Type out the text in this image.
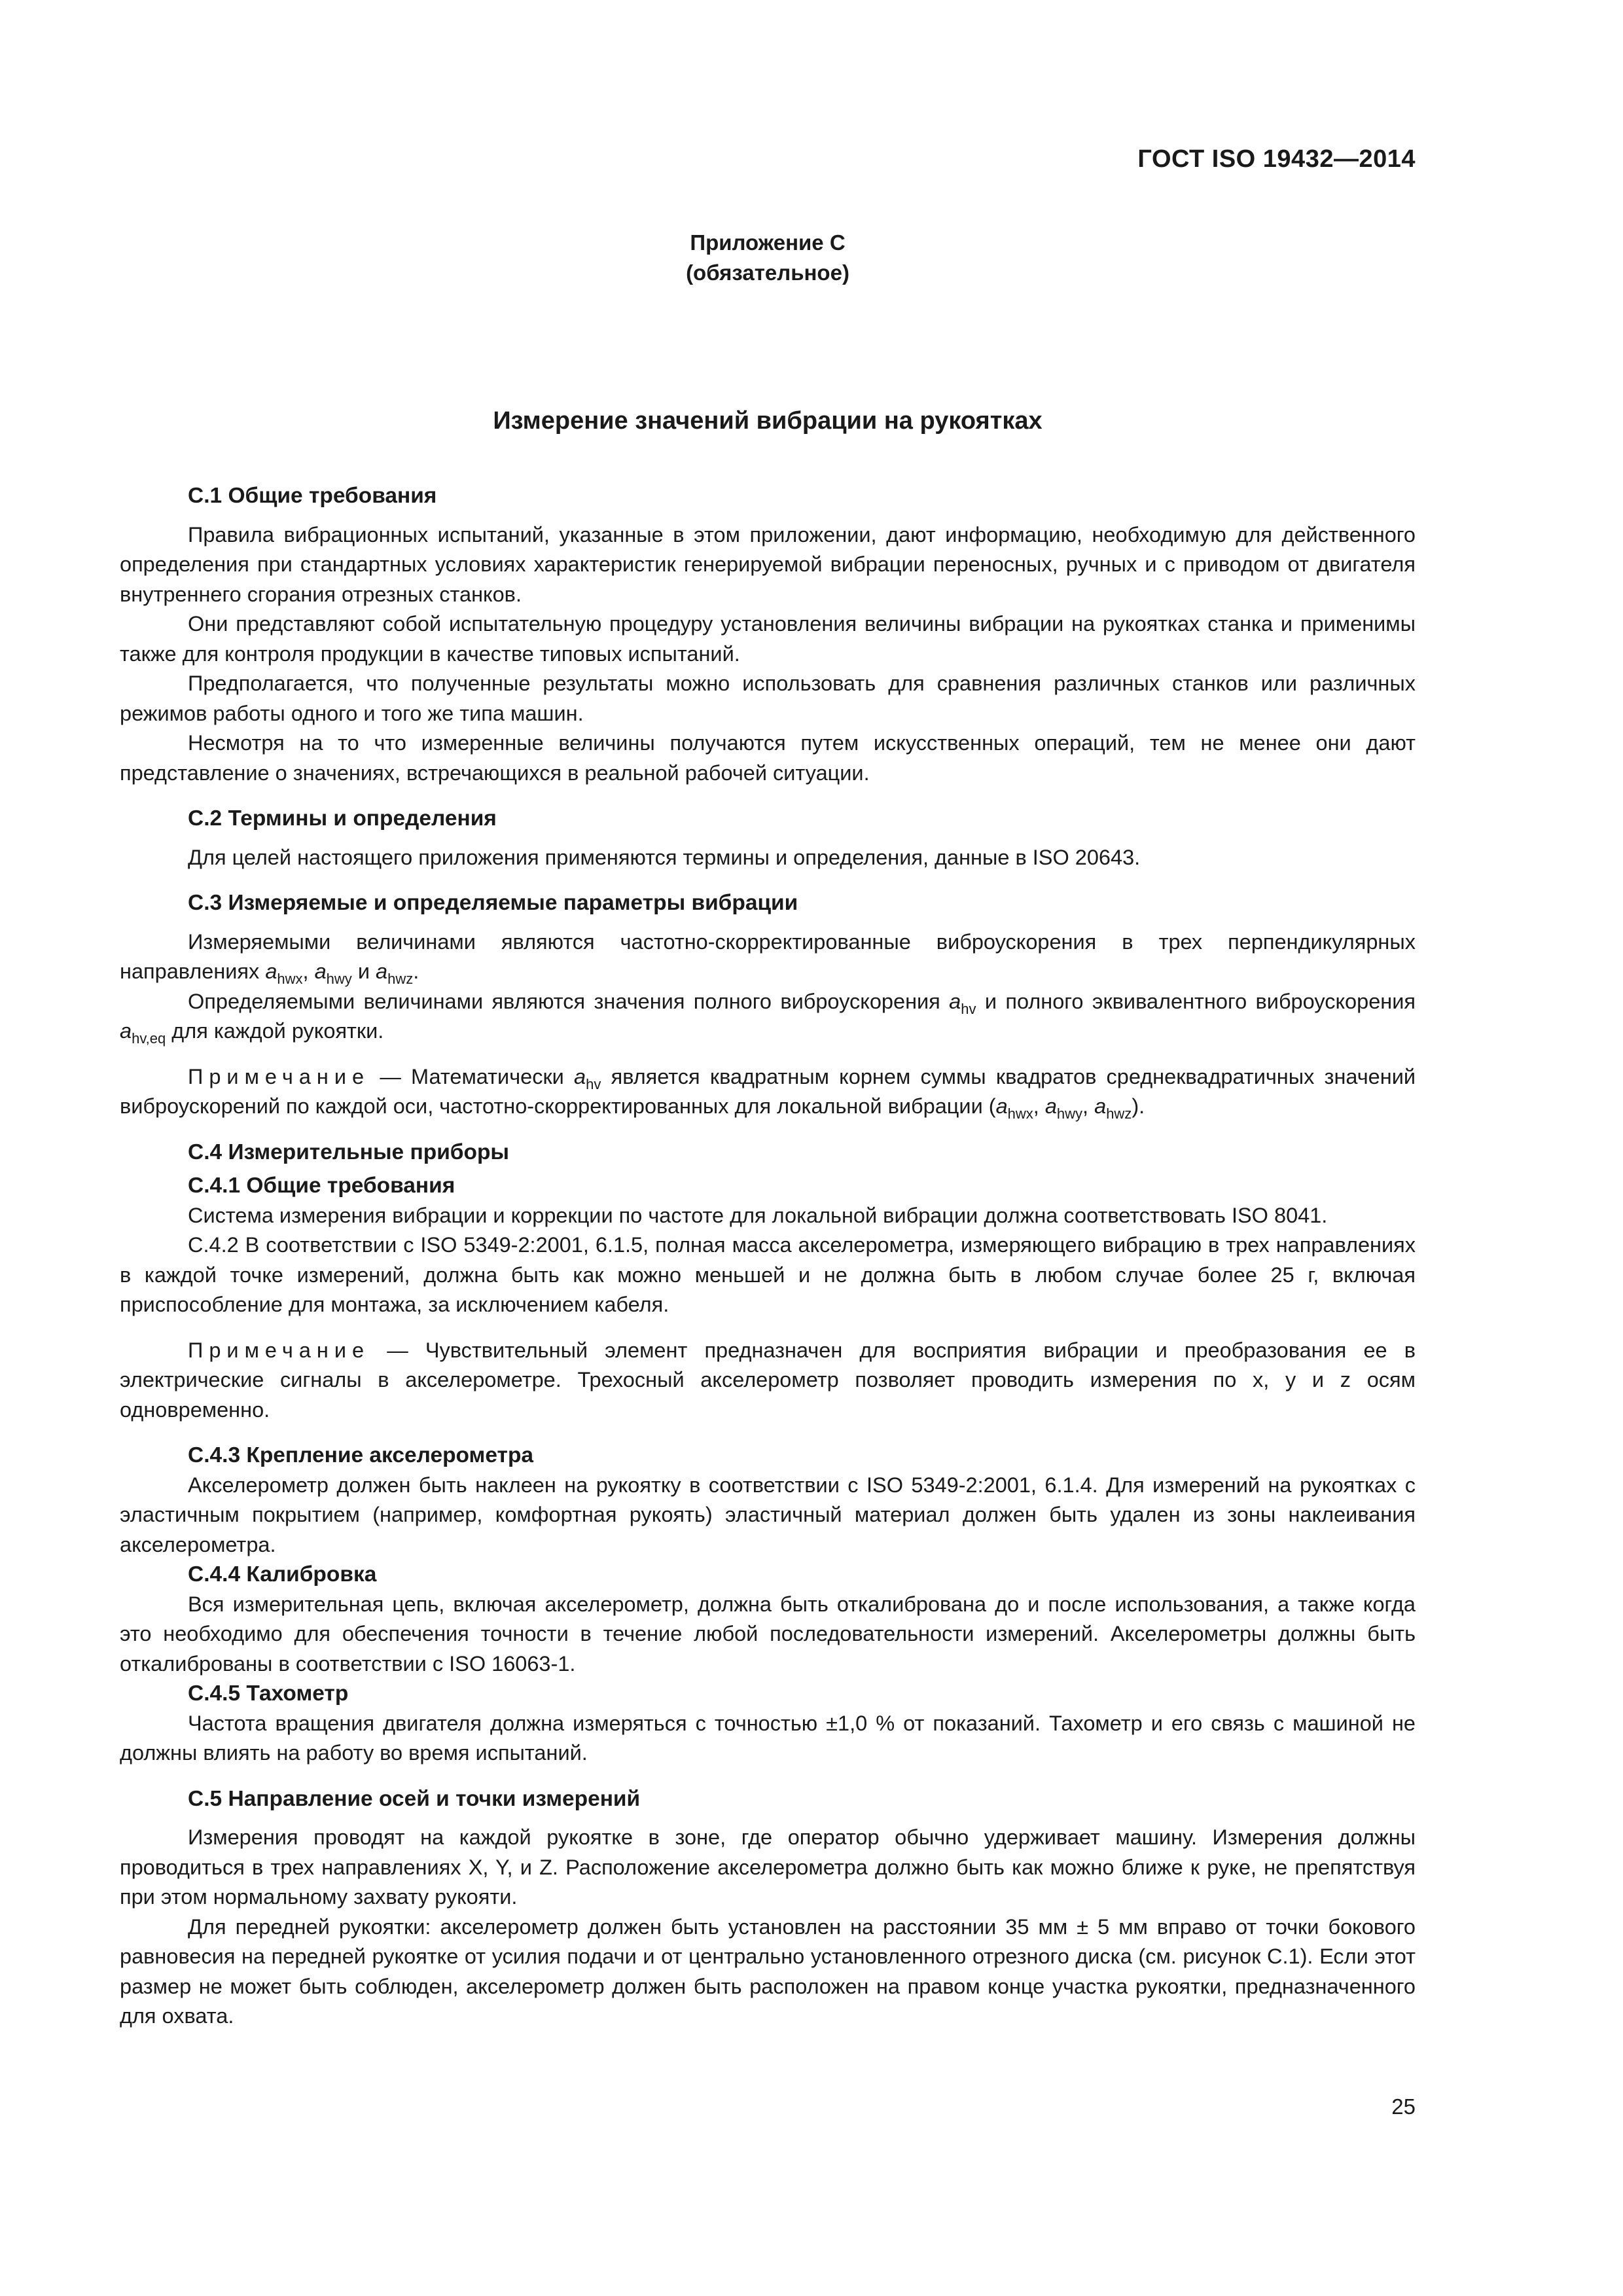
ГОСТ ISO 19432—2014
Приложение С
(обязательное)
Измерение значений вибрации на рукоятках
С.1 Общие требования

Правила вибрационных испытаний, указанные в этом приложении, дают информацию, необходимую для действенного определения при стандартных условиях характеристик генерируемой вибрации переносных, ручных и с приводом от двигателя внутреннего сгорания отрезных станков.

Они представляют собой испытательную процедуру установления величины вибрации на рукоятках станка и применимы также для контроля продукции в качестве типовых испытаний.

Предполагается, что полученные результаты можно использовать для сравнения различных станков или различных режимов работы одного и того же типа машин.

Несмотря на то что измеренные величины получаются путем искусственных операций, тем не менее они дают представление о значениях, встречающихся в реальной рабочей ситуации.

С.2 Термины и определения

Для целей настоящего приложения применяются термины и определения, данные в ISO 20643.

С.3 Измеряемые и определяемые параметры вибрации

Измеряемыми величинами являются частотно-скорректированные виброускорения в трех перпендикулярных направлениях $a_{hwx}$, $a_{hwy}$ и $a_{hwz}$.

Определяемыми величинами являются значения полного виброускорения $a_{hv}$ и полного эквивалентного виброускорения $a_{hv,eq}$ для каждой рукоятки.

Примечание — Математически $a_{hv}$ является квадратным корнем суммы квадратов среднеквадратичных значений виброускорений по каждой оси, частотно-скорректированных для локальной вибрации ($a_{hwx}$, $a_{hwy}$, $a_{hwz}$).

С.4 Измерительные приборы
С.4.1 Общие требования

Система измерения вибрации и коррекции по частоте для локальной вибрации должна соответствовать ISO 8041.

С.4.2 В соответствии с ISO 5349-2:2001, 6.1.5, полная масса акселерометра, измеряющего вибрацию в трех направлениях в каждой точке измерений, должна быть как можно меньшей и не должна быть в любом случае более 25 г, включая приспособление для монтажа, за исключением кабеля.

Примечание — Чувствительный элемент предназначен для восприятия вибрации и преобразования ее в электрические сигналы в акселерометре. Трехосный акселерометр позволяет проводить измерения по x, y и z осям одновременно.

С.4.3 Крепление акселерометра

Акселерометр должен быть наклеен на рукоятку в соответствии с ISO 5349-2:2001, 6.1.4. Для измерений на рукоятках с эластичным покрытием (например, комфортная рукоять) эластичный материал должен быть удален из зоны наклеивания акселерометра.

С.4.4 Калибровка

Вся измерительная цепь, включая акселерометр, должна быть откалибрована до и после использования, а также когда это необходимо для обеспечения точности в течение любой последовательности измерений. Акселерометры должны быть откалиброваны в соответствии с ISO 16063-1.

С.4.5 Тахометр

Частота вращения двигателя должна измеряться с точностью ±1,0 % от показаний. Тахометр и его связь с машиной не должны влиять на работу во время испытаний.

С.5 Направление осей и точки измерений

Измерения проводят на каждой рукоятке в зоне, где оператор обычно удерживает машину. Измерения должны проводиться в трех направлениях X, Y, и Z. Расположение акселерометра должно быть как можно ближе к руке, не препятствуя при этом нормальному захвату рукояти.

Для передней рукоятки: акселерометр должен быть установлен на расстоянии 35 мм ± 5 мм вправо от точки бокового равновесия на передней рукоятке от усилия подачи и от центрально установленного отрезного диска (см. рисунок С.1). Если этот размер не может быть соблюден, акселерометр должен быть расположен на правом конце участка рукоятки, предназначенного для охвата.

25
